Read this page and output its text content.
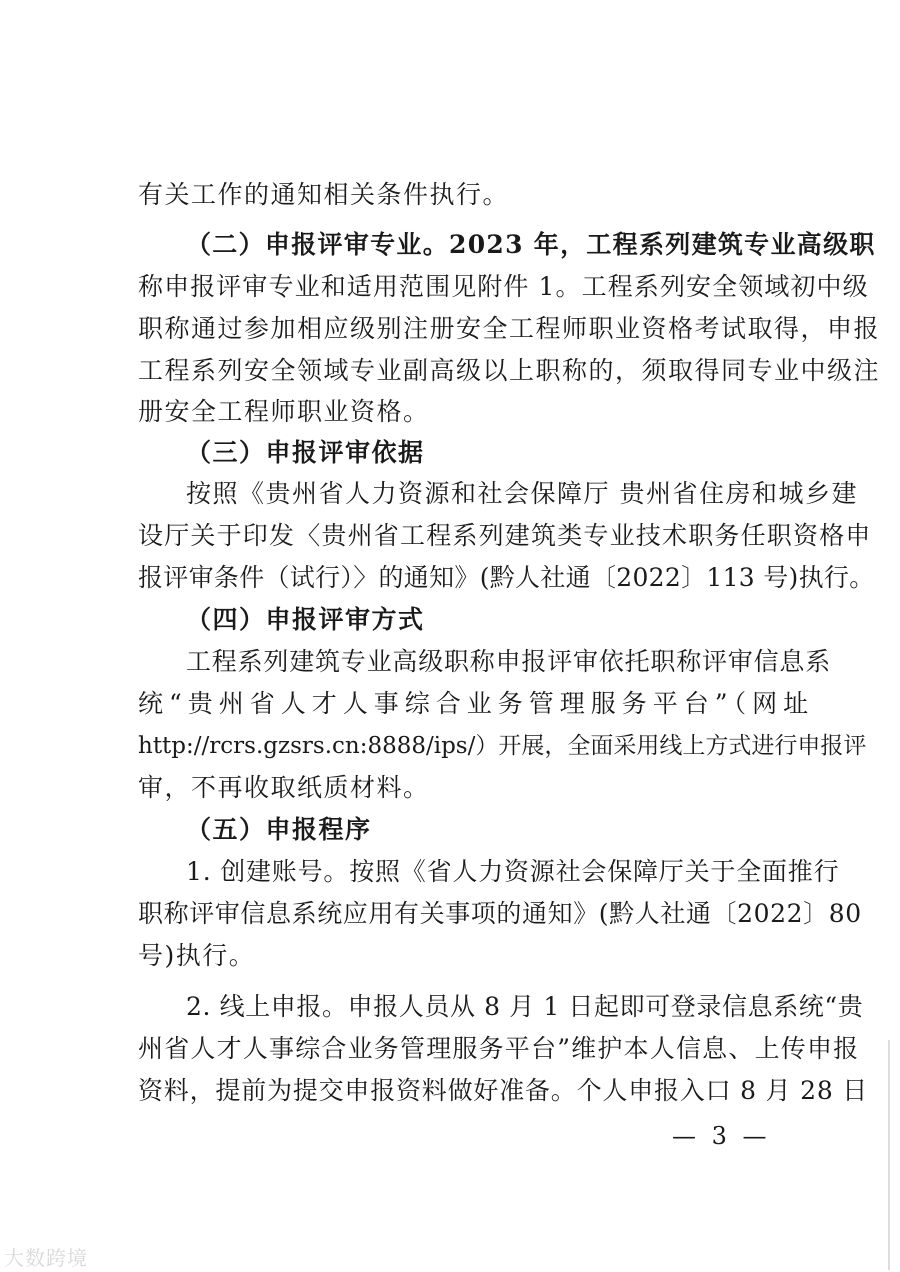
有关工作的通知相关条件执行。
（二）申报评审专业。2023 年，工程系列建筑专业高级职
称申报评审专业和适用范围见附件 1。工程系列安全领域初中级
职称通过参加相应级别注册安全工程师职业资格考试取得，申报
工程系列安全领域专业副高级以上职称的，须取得同专业中级注
册安全工程师职业资格。
（三）申报评审依据
按照《贵州省人力资源和社会保障厅 贵州省住房和城乡建
设厅关于印发〈贵州省工程系列建筑类专业技术职务任职资格申
报评审条件（试行）〉的通知》(黔人社通〔2022〕113 号)执行。
（四）申报评审方式
工程系列建筑专业高级职称申报评审依托职称评审信息系
统“贵州省人才人事综合业务管理服务平台”（网址
http://rcrs.gzsrs.cn:8888/ips/）开展，全面采用线上方式进行申报评
审，不再收取纸质材料。
（五）申报程序
1. 创建账号。按照《省人力资源社会保障厅关于全面推行
职称评审信息系统应用有关事项的通知》(黔人社通〔2022〕80
号)执行。
2. 线上申报。申报人员从 8 月 1 日起即可登录信息系统“贵
州省人才人事综合业务管理服务平台”维护本人信息、上传申报
资料，提前为提交申报资料做好准备。个人申报入口 8 月 28 日
— 3 —
大数跨境
